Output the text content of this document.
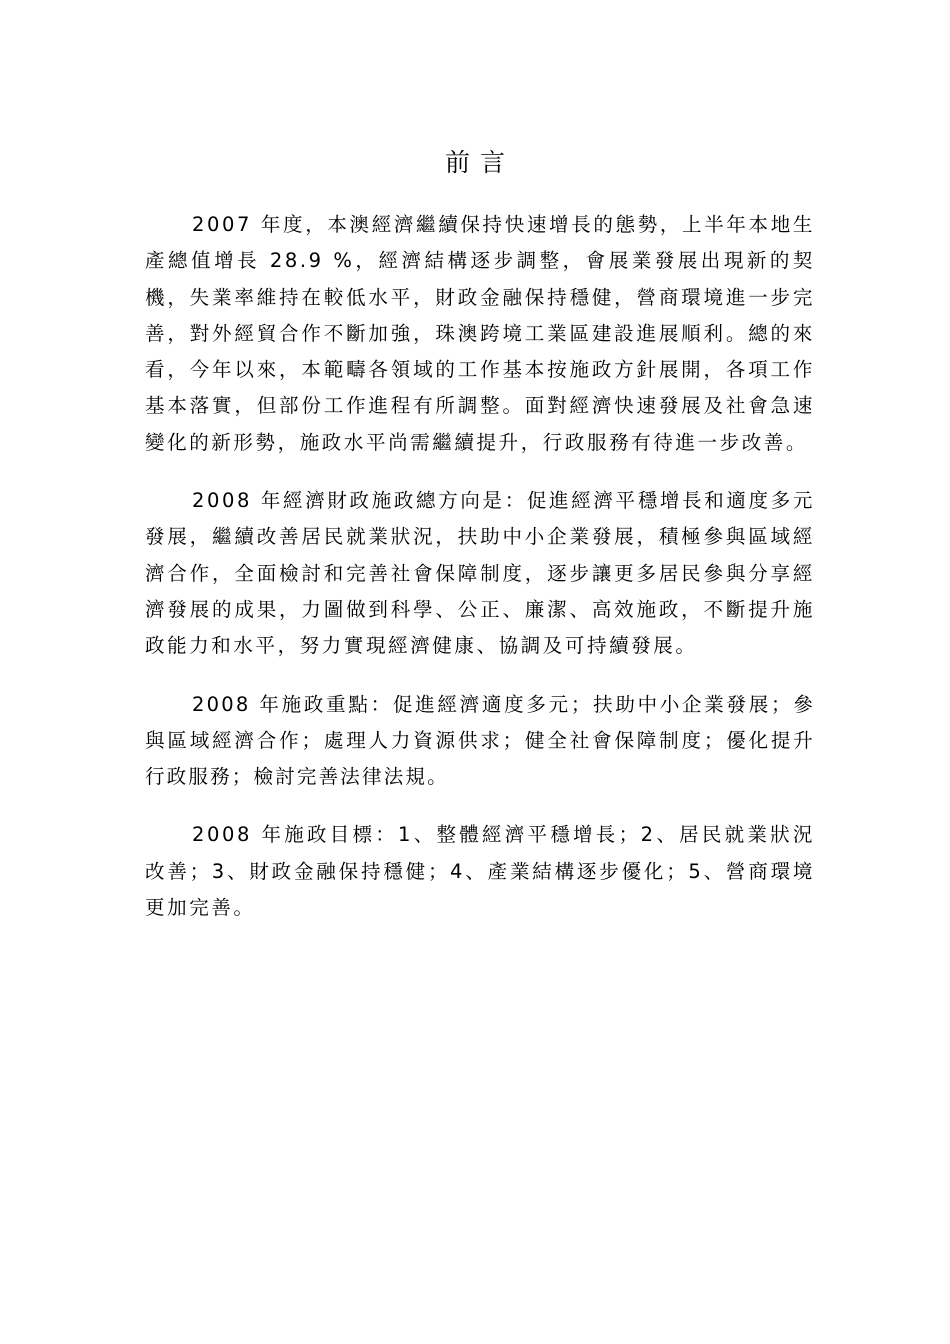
前言

2007 年度，本澳經濟繼續保持快速增長的態勢，上半年本地生產總值增長 28.9 %，經濟結構逐步調整，會展業發展出現新的契機，失業率維持在較低水平，財政金融保持穩健，營商環境進一步完善，對外經貿合作不斷加強，珠澳跨境工業區建設進展順利。總的來看，今年以來，本範疇各領域的工作基本按施政方針展開，各項工作基本落實，但部份工作進程有所調整。面對經濟快速發展及社會急速變化的新形勢，施政水平尚需繼續提升，行政服務有待進一步改善。

2008 年經濟財政施政總方向是：促進經濟平穩增長和適度多元發展，繼續改善居民就業狀況，扶助中小企業發展，積極參與區域經濟合作，全面檢討和完善社會保障制度，逐步讓更多居民參與分享經濟發展的成果，力圖做到科學、公正、廉潔、高效施政，不斷提升施政能力和水平，努力實現經濟健康、協調及可持續發展。

2008 年施政重點：促進經濟適度多元；扶助中小企業發展；參與區域經濟合作；處理人力資源供求；健全社會保障制度；優化提升行政服務；檢討完善法律法規。

2008 年施政目標：1、整體經濟平穩增長；2、居民就業狀況改善；3、財政金融保持穩健；4、產業結構逐步優化；5、營商環境更加完善。
